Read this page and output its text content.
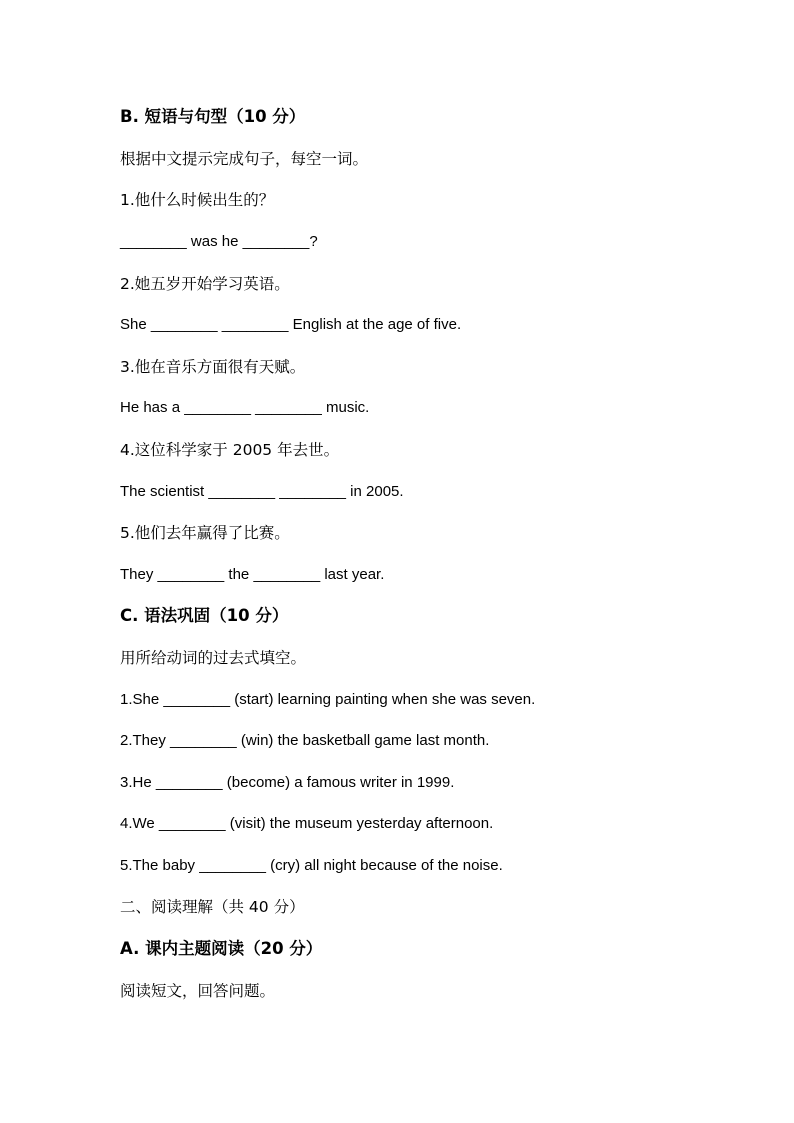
B. 短语与句型（10 分）
根据中文提示完成句子，每空一词。
1.他什么时候出生的？
________ was he ________?
2.她五岁开始学习英语。
She ________ ________ English at the age of five.
3.他在音乐方面很有天赋。
He has a ________ ________ music.
4.这位科学家于 2005 年去世。
The scientist ________ ________ in 2005.
5.他们去年赢得了比赛。
They ________ the ________ last year.
C. 语法巩固（10 分）
用所给动词的过去式填空。
1.She ________ (start) learning painting when she was seven.
2.They ________ (win) the basketball game last month.
3.He ________ (become) a famous writer in 1999.
4.We ________ (visit) the museum yesterday afternoon.
5.The baby ________ (cry) all night because of the noise.
二、阅读理解（共 40 分）
A. 课内主题阅读（20 分）
阅读短文，回答问题。
